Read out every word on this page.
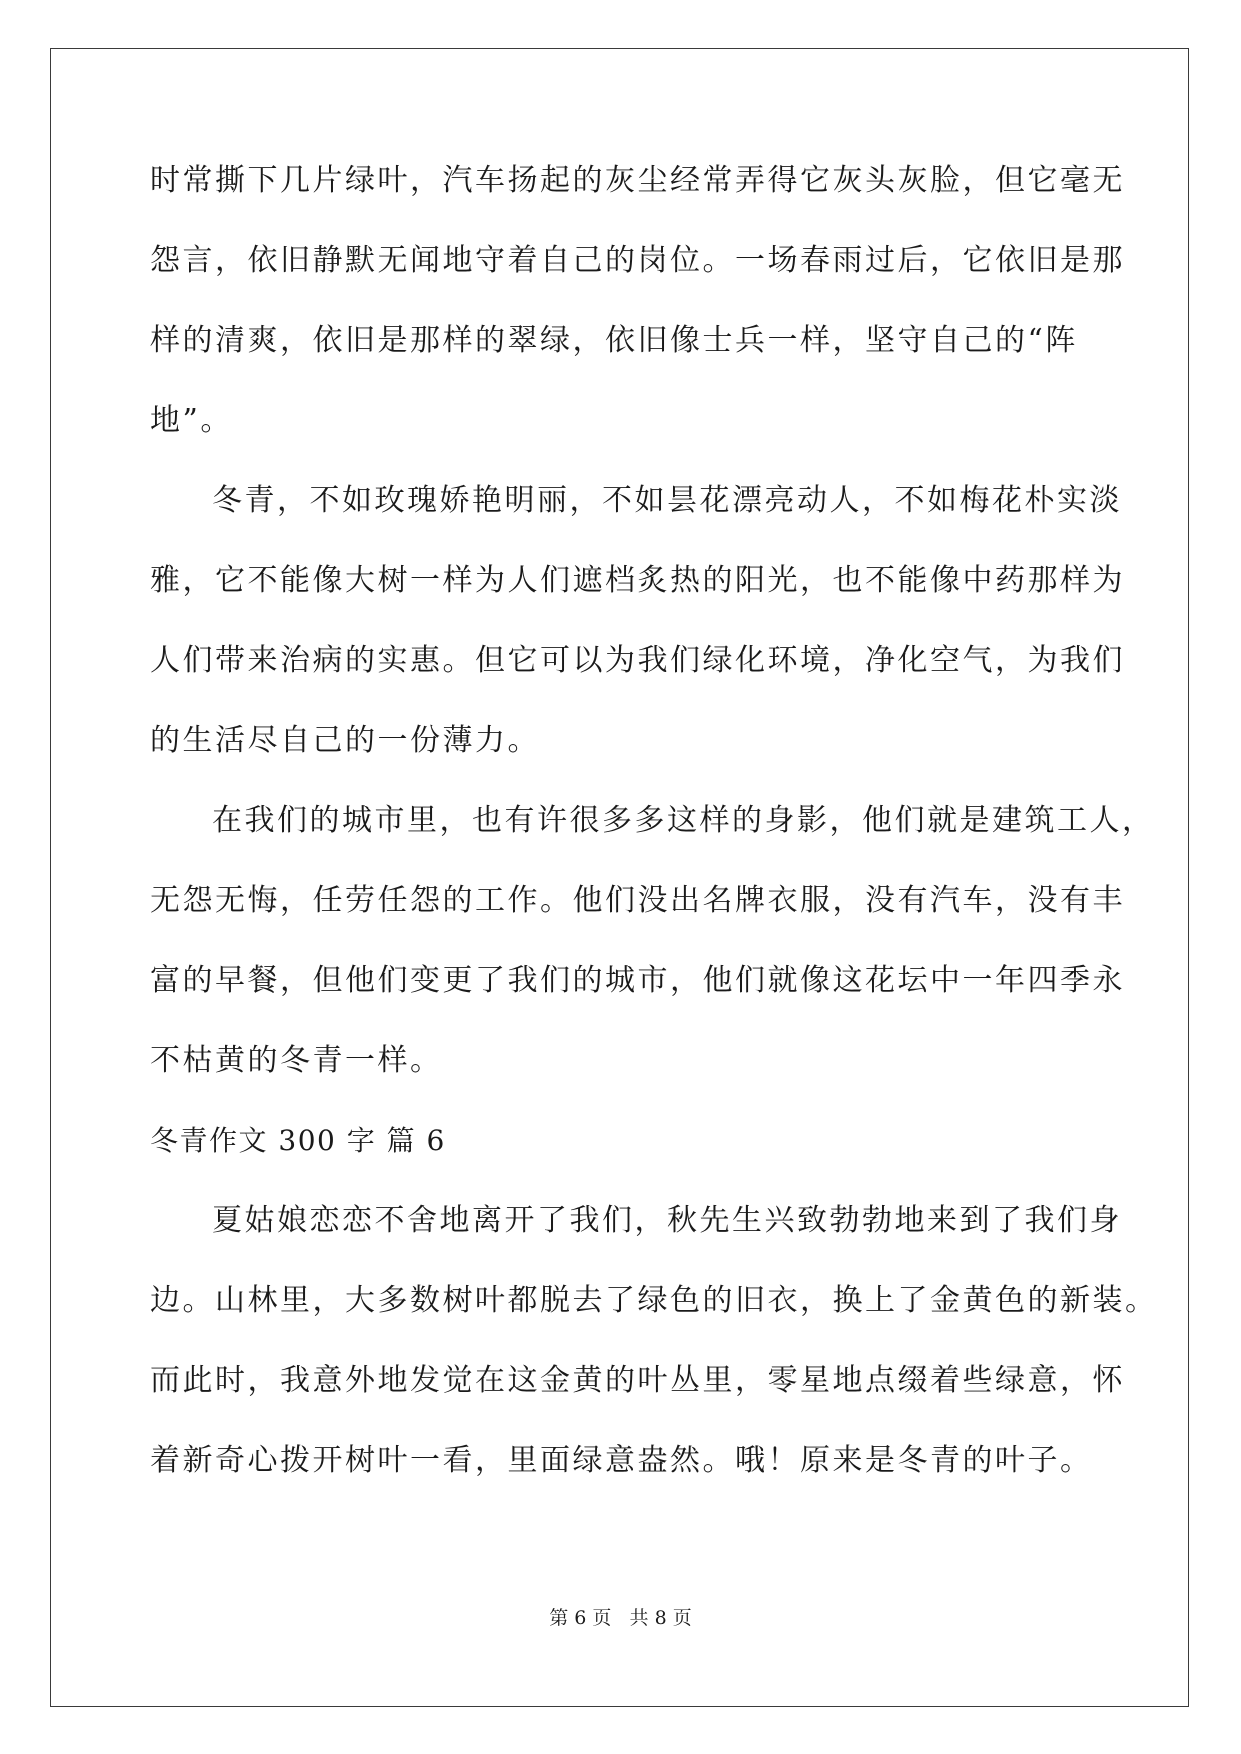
时常撕下几片绿叶，汽车扬起的灰尘经常弄得它灰头灰脸，但它毫无
怨言，依旧静默无闻地守着自己的岗位。一场春雨过后，它依旧是那
样的清爽，依旧是那样的翠绿，依旧像士兵一样，坚守自己的“阵
地”。
冬青，不如玫瑰娇艳明丽，不如昙花漂亮动人，不如梅花朴实淡
雅，它不能像大树一样为人们遮档炙热的阳光，也不能像中药那样为
人们带来治病的实惠。但它可以为我们绿化环境，净化空气，为我们
的生活尽自己的一份薄力。
在我们的城市里，也有许很多多这样的身影，他们就是建筑工人，
无怨无悔，任劳任怨的工作。他们没出名牌衣服，没有汽车，没有丰
富的早餐，但他们变更了我们的城市，他们就像这花坛中一年四季永
不枯黄的冬青一样。
冬青作文 300 字 篇 6
夏姑娘恋恋不舍地离开了我们，秋先生兴致勃勃地来到了我们身
边。山林里，大多数树叶都脱去了绿色的旧衣，换上了金黄色的新装。
而此时，我意外地发觉在这金黄的叶丛里，零星地点缀着些绿意，怀
着新奇心拨开树叶一看，里面绿意盎然。哦！原来是冬青的叶子。
第 6 页   共 8 页
